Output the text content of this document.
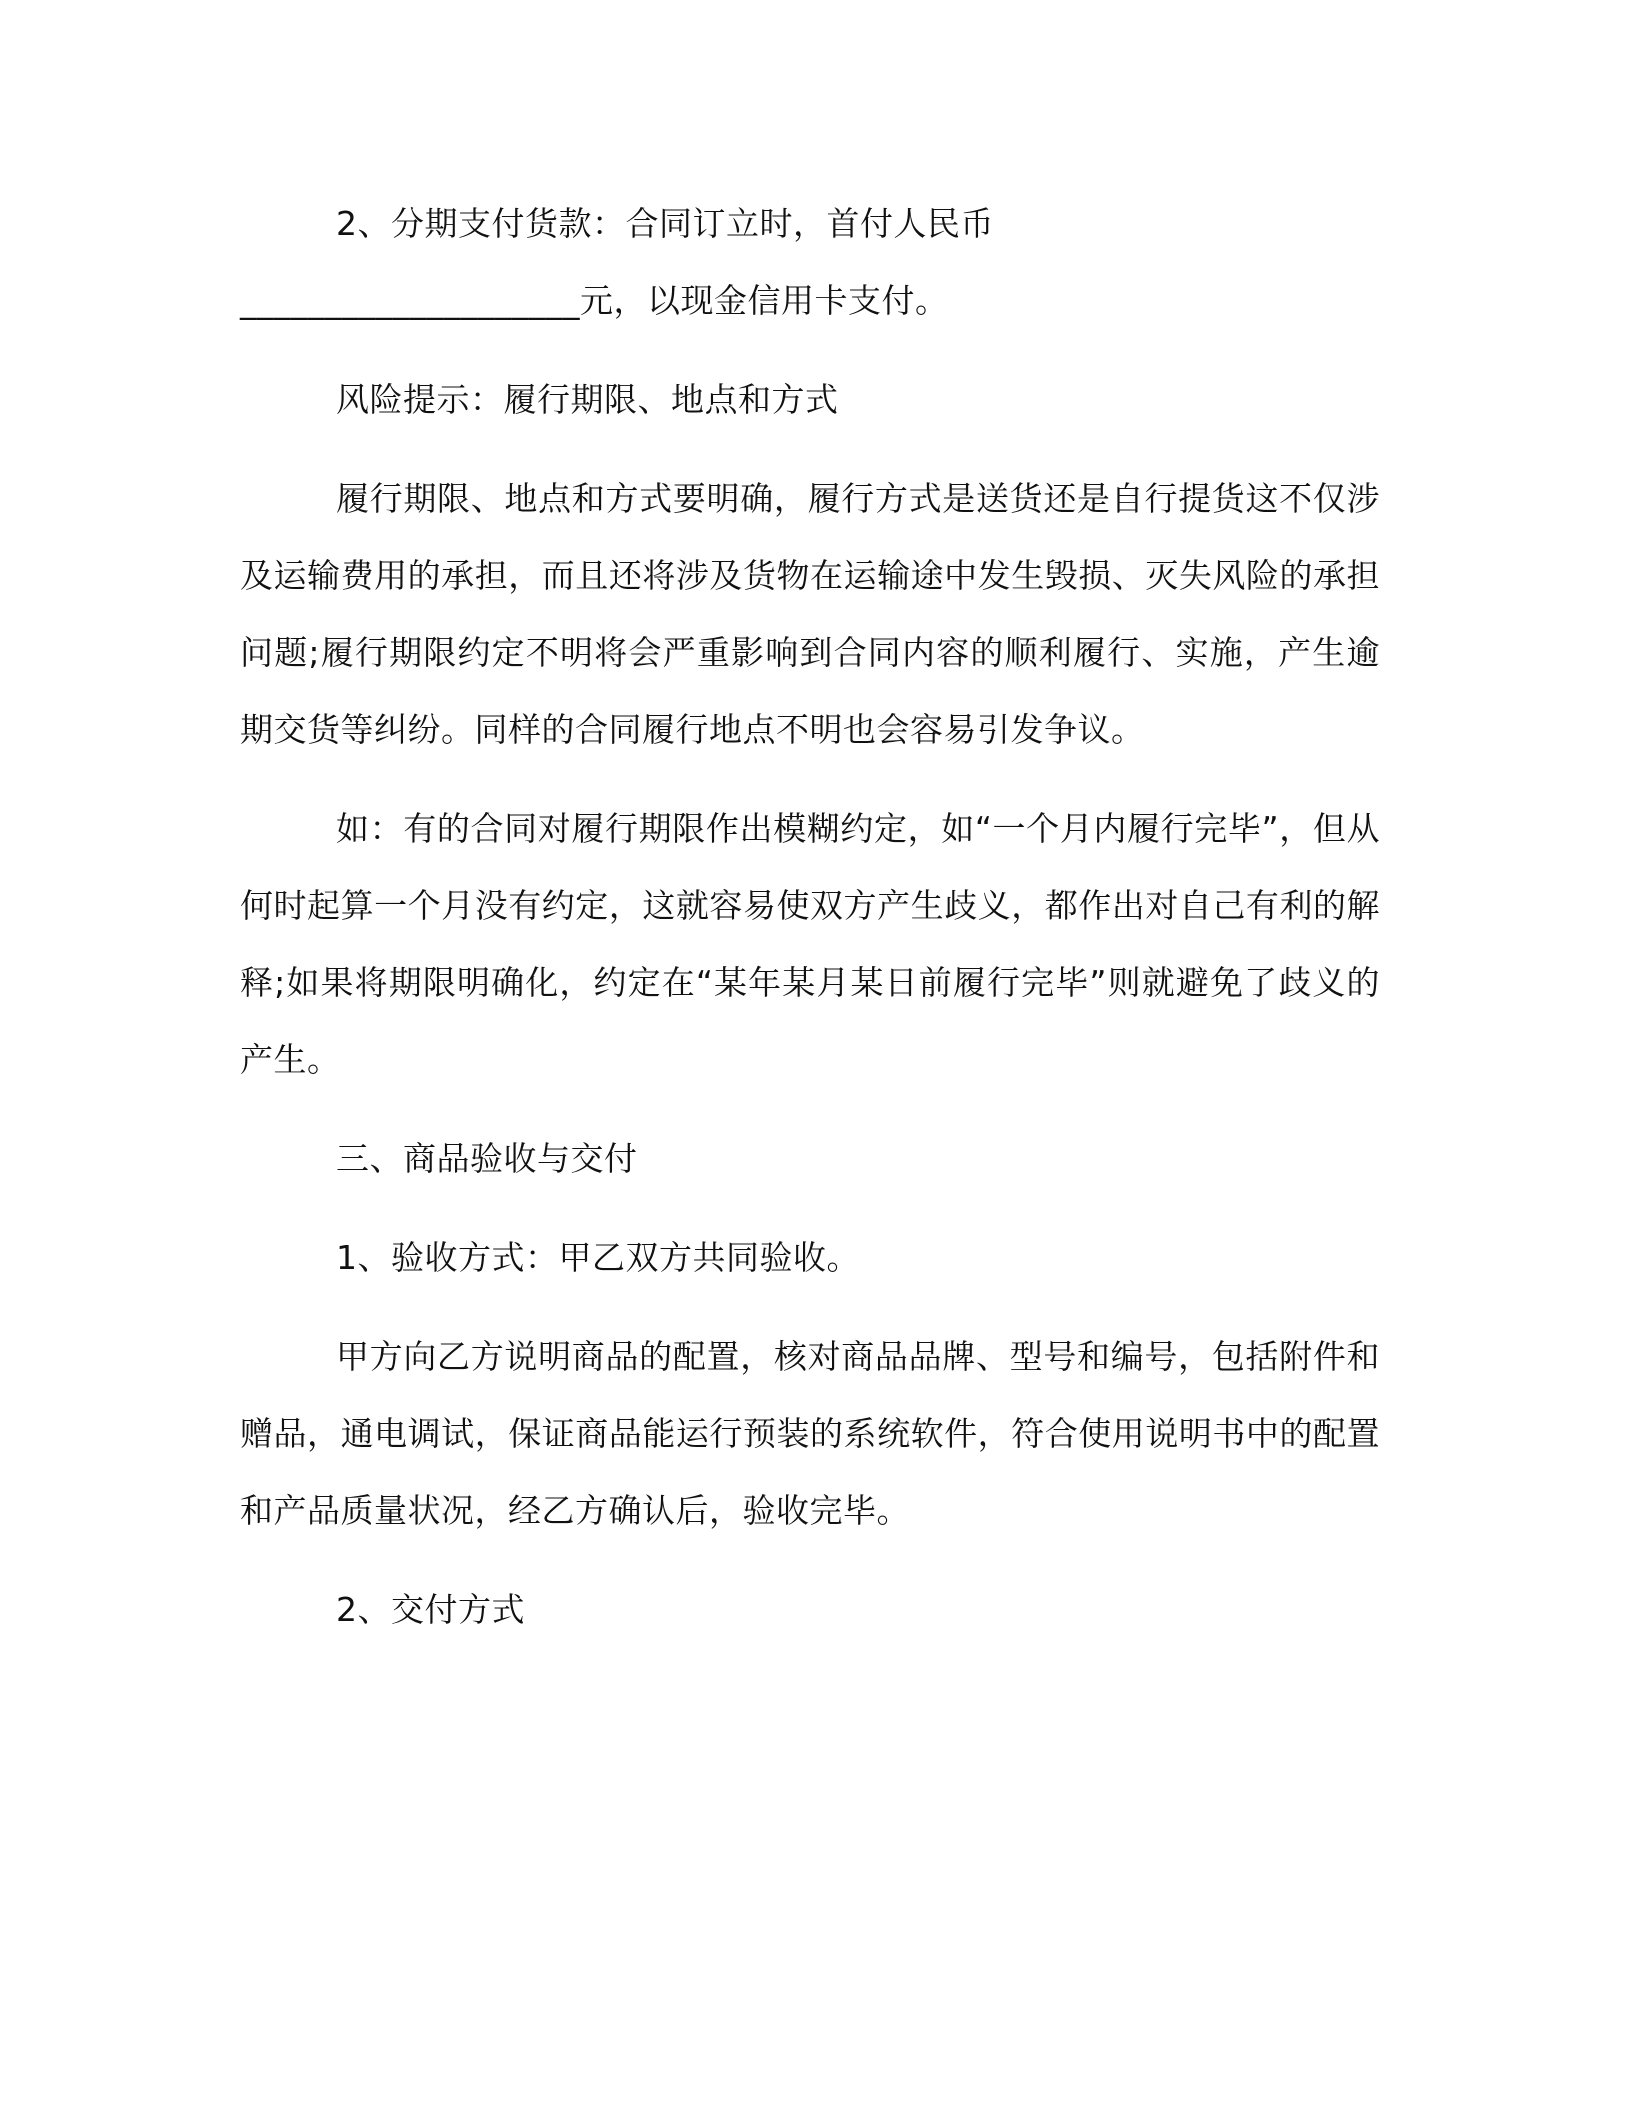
2、分期支付货款：合同订立时，首付人民币

____________________元，以现金信用卡支付。

风险提示：履行期限、地点和方式

履行期限、地点和方式要明确，履行方式是送货还是自行提货这不仅涉及运输费用的承担，而且还将涉及货物在运输途中发生毁损、灭失风险的承担问题;履行期限约定不明将会严重影响到合同内容的顺利履行、实施，产生逾期交货等纠纷。同样的合同履行地点不明也会容易引发争议。

如：有的合同对履行期限作出模糊约定，如“一个月内履行完毕”，但从何时起算一个月没有约定，这就容易使双方产生歧义，都作出对自己有利的解释;如果将期限明确化，约定在“某年某月某日前履行完毕”则就避免了歧义的产生。

三、商品验收与交付

1、验收方式：甲乙双方共同验收。

甲方向乙方说明商品的配置，核对商品品牌、型号和编号，包括附件和赠品，通电调试，保证商品能运行预装的系统软件，符合使用说明书中的配置和产品质量状况，经乙方确认后，验收完毕。

2、交付方式
